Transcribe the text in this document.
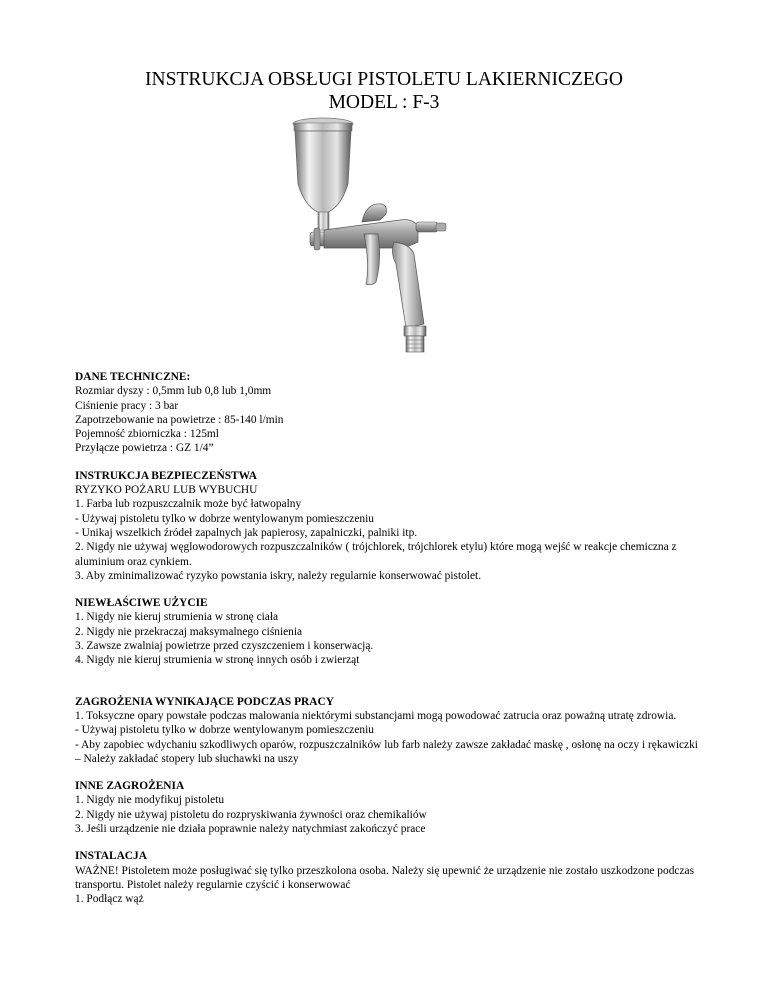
INSTRUKCJA OBSŁUGI PISTOLETU LAKIERNICZEGO
MODEL : F-3
DANE TECHNICZNE:

Rozmiar dyszy : 0,5mm lub 0,8 lub 1,0mm

Ciśnienie pracy : 3 bar

Zapotrzebowanie na powietrze : 85-140 l/min

Pojemność zbiorniczka : 125ml

Przyłącze powietrza : GZ 1/4”

INSTRUKCJA BEZPIECZEŃSTWA

RYZYKO POŻARU LUB WYBUCHU

1. Farba lub rozpuszczalnik może być łatwopalny

- Używaj pistoletu tylko w dobrze wentylowanym pomieszczeniu

- Unikaj wszelkich źródeł zapalnych jak papierosy, zapalniczki, palniki itp.

2. Nigdy nie używaj węglowodorowych rozpuszczalników ( trójchlorek, trójchlorek etylu) które mogą wejść w reakcje chemiczna z aluminium oraz cynkiem.

3. Aby zminimalizować ryzyko powstania iskry, należy regularnie konserwować pistolet.

NIEWŁAŚCIWE UŻYCIE

1. Nigdy nie kieruj strumienia w stronę ciała

2. Nigdy nie przekraczaj maksymalnego ciśnienia

3. Zawsze zwalniaj powietrze przed czyszczeniem i konserwacją.

4. Nigdy nie kieruj strumienia w stronę innych osób i zwierząt

ZAGROŻENIA WYNIKAJĄCE PODCZAS PRACY

1. Toksyczne opary powstałe podczas malowania niektórymi substancjami mogą powodować zatrucia oraz poważną utratę zdrowia.

- Używaj pistoletu tylko w dobrze wentylowanym pomieszczeniu

- Aby zapobiec wdychaniu szkodliwych oparów, rozpuszczalników lub farb należy zawsze zakładać maskę , osłonę na oczy i rękawiczki

– Należy zakładać stopery lub słuchawki na uszy

INNE ZAGROŻENIA

1. Nigdy nie modyfikuj pistoletu

2. Nigdy nie używaj pistoletu do rozpryskiwania żywności oraz chemikaliów

3. Jeśli urządzenie nie działa poprawnie należy natychmiast zakończyć prace

INSTALACJA

WAŻNE! Pistoletem może posługiwać się tylko przeszkolona osoba. Należy się upewnić że urządzenie nie zostało uszkodzone podczas transportu. Pistolet należy regularnie czyścić i konserwować

1. Podłącz wąż
